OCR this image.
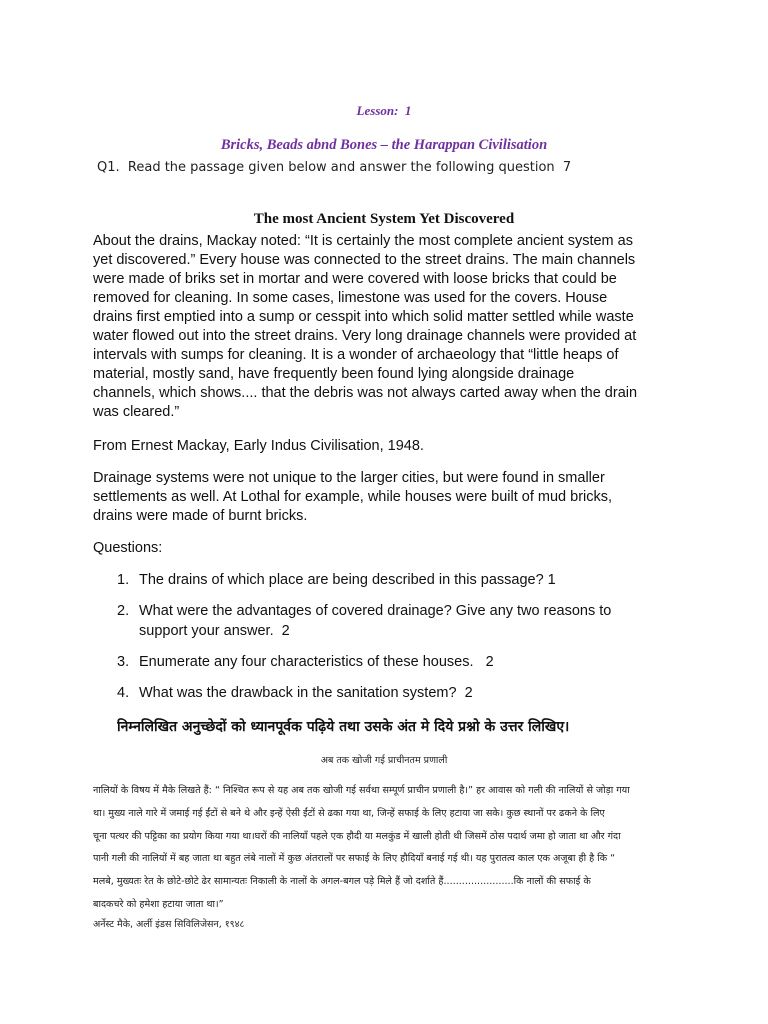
Lesson:  1
Bricks, Beads abnd Bones – the Harappan Civilisation
Q1.  Read the passage given below and answer the following question  7
The most Ancient System Yet Discovered
About the drains, Mackay noted: “It is certainly the most complete ancient system as
yet discovered.” Every house was connected to the street drains. The main channels
were made of briks set in mortar and were covered with loose bricks that could be
removed for cleaning. In some cases, limestone was used for the covers. House
drains first emptied into a sump or cesspit into which solid matter settled while waste
water flowed out into the street drains. Very long drainage channels were provided at
intervals with sumps for cleaning. It is a wonder of archaeology that “little heaps of
material, mostly sand, have frequently been found lying alongside drainage
channels, which shows.... that the debris was not always carted away when the drain
was cleared.”
From Ernest Mackay, Early Indus Civilisation, 1948.
Drainage systems were not unique to the larger cities, but were found in smaller
settlements as well. At Lothal for example, while houses were built of mud bricks,
drains were made of burnt bricks.
Questions:
1. The drains of which place are being described in this passage? 1
2. What were the advantages of covered drainage? Give any two reasons to
support your answer.  2
3. Enumerate any four characteristics of these houses.   2
4. What was the drawback in the sanitation system?  2
निम्नलिखित अनुच्छेदों को ध्यानपूर्वक पढ़िये तथा उसके अंत मे दिये प्रश्नो के उत्तर लिखिए।
अब तक खोजी गई प्राचीनतम प्रणाली
नालियों के विषय में मैके लिखते हैं: “ निश्चित रूप से यह अब तक खोजी गई सर्वथा सम्पूर्ण प्राचीन प्रणाली है।” हर आवास को गली की नालियों से जोड़ा गया
था। मुख्य नाले गारे में जमाई गई ईंटों से बने थे और इन्हें ऐसी ईंटों से ढका गया था, जिन्हें सफाई के लिए हटाया जा सके। कुछ स्थानों पर ढकने के लिए
चूना पत्थर की पट्टिका का प्रयोग किया गया था।घरों की नालियाँ पहले एक हौदी या मलकुंड में खाली होती थी जिसमें ठोस पदार्थ जमा हो जाता था और गंदा
पानी गली की नालियों में बह जाता था बहुत लंबे नालों में कुछ अंतरालों पर सफाई के लिए हौदियाँ बनाई गई थी। यह पुरातत्व काल एक अजूबा ही है कि “
मलबे, मुख्यतः रेत के छोटे-छोटे ढेर सामान्यतः निकाली के नालों के अगल-बगल पड़े मिले हैं जो दर्शाते हैं.......................कि नालों की सफाई के
बादकचरे को हमेशा हटाया जाता था।”
अर्नेस्ट मैके, अर्ली इंडस सिविलिजेसन, १९४८
